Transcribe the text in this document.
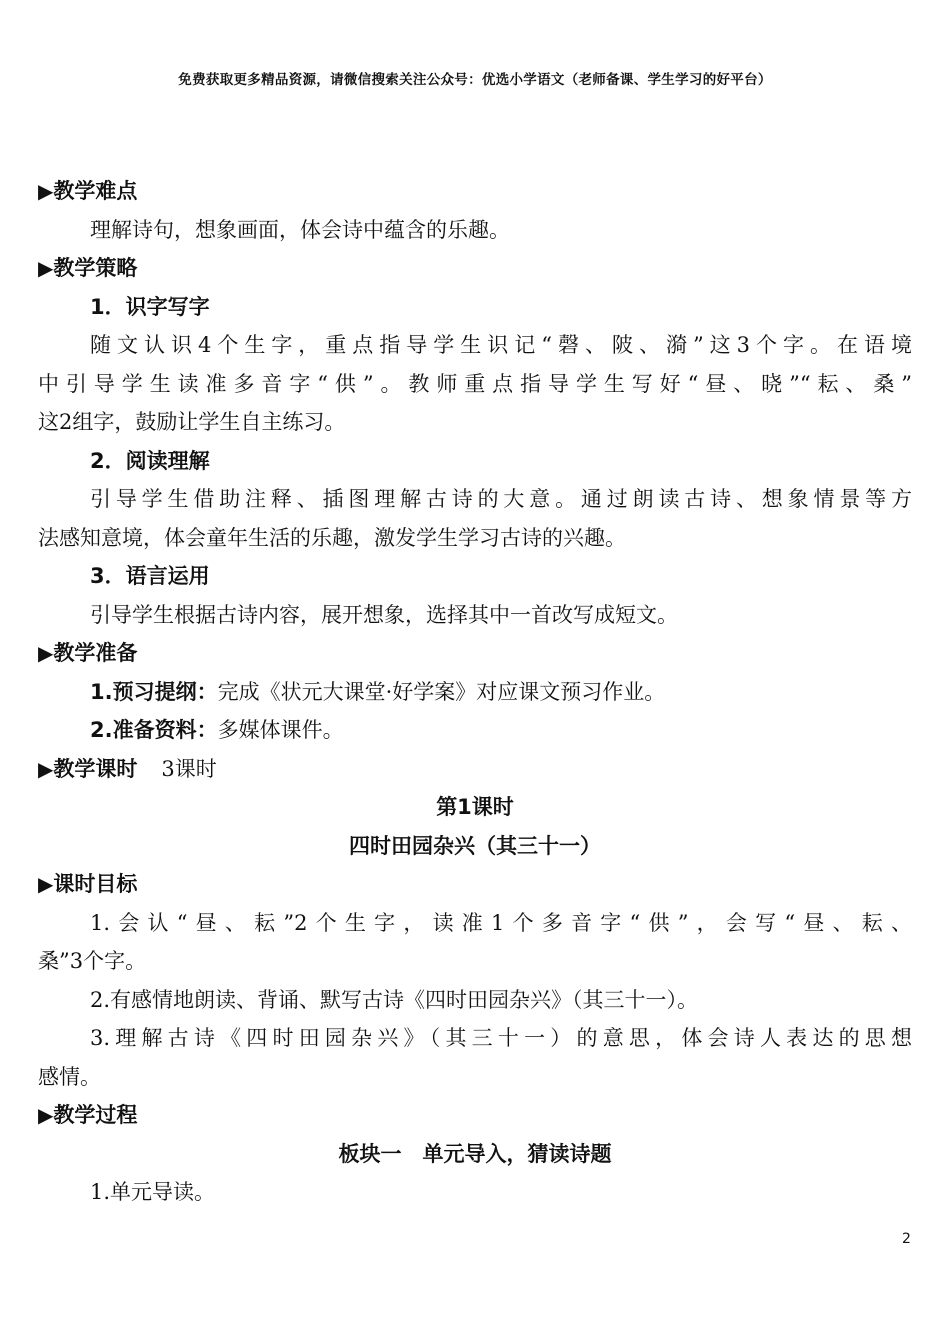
免费获取更多精品资源，请微信搜索关注公众号：优选小学语文（老师备课、学生学习的好平台）
▶教学难点
理解诗句，想象画面，体会诗中蕴含的乐趣。
▶教学策略
1．识字写字
随文认识4个生字，重点指导学生识记“磬、陂、漪”这3个字。在语境
中引导学生读准多音字“供”。教师重点指导学生写好“昼、晓”“耘、桑”
这2组字，鼓励让学生自主练习。
2．阅读理解
引导学生借助注释、插图理解古诗的大意。通过朗读古诗、想象情景等方
法感知意境，体会童年生活的乐趣，激发学生学习古诗的兴趣。
3．语言运用
引导学生根据古诗内容，展开想象，选择其中一首改写成短文。
▶教学准备
1.预习提纲：完成《状元大课堂·好学案》对应课文预习作业。
2.准备资料：多媒体课件。
▶教学课时 3课时
第1课时
四时田园杂兴（其三十一）
▶课时目标
1.会认“昼、耘”2个生字，读准1个多音字“供”，会写“昼、耘、
桑”3个字。
2.有感情地朗读、背诵、默写古诗《四时田园杂兴》（其三十一）。
3.理解古诗《四时田园杂兴》（其三十一）的意思，体会诗人表达的思想
感情。
▶教学过程
板块一　单元导入，猜读诗题
1.单元导读。
2
